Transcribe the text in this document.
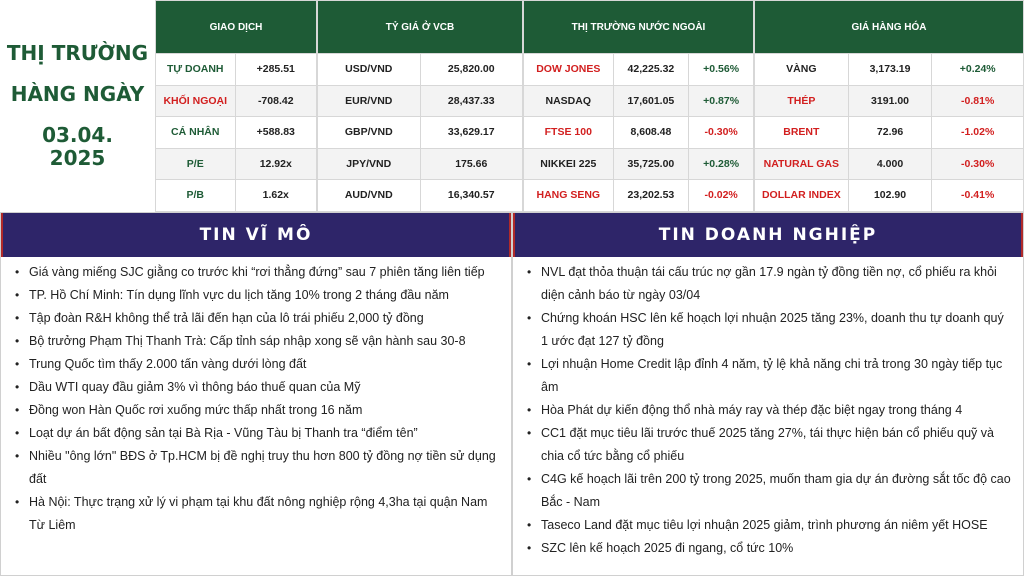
THỊ TRƯỜNG
HÀNG NGÀY
03.04.
2025
GIAO DỊCH	
TỰ DOANH	+285.51
KHỐI NGOẠI	-708.42
CÁ NHÂN	+588.83
P/E	12.92x
P/B	1.62x
TỶ GIÁ Ở VCB	
USD/VND	25,820.00
EUR/VND	28,437.33
GBP/VND	33,629.17
JPY/VND	175.66
AUD/VND	16,340.57
THỊ TRƯỜNG NƯỚC NGOÀI		
DOW JONES	42,225.32	+0.56%
NASDAQ	17,601.05	+0.87%
FTSE 100	8,608.48	-0.30%
NIKKEI 225	35,725.00	+0.28%
HANG SENG	23,202.53	-0.02%
GIÁ HÀNG HÓA		
VÀNG	3,173.19	+0.24%
THÉP	3191.00	-0.81%
BRENT	72.96	-1.02%
NATURAL GAS	4.000	-0.30%
DOLLAR INDEX	102.90	-0.41%
TIN VĨ MÔ
• Giá vàng miếng SJC giằng co trước khi “rơi thẳng đứng” sau 7 phiên tăng liên tiếp
• TP. Hồ Chí Minh: Tín dụng lĩnh vực du lịch tăng 10% trong 2 tháng đầu năm
• Tập đoàn R&H không thể trả lãi đến hạn của lô trái phiếu 2,000 tỷ đồng
• Bộ trưởng Phạm Thị Thanh Trà: Cấp tỉnh sáp nhập xong sẽ vận hành sau 30-8
• Trung Quốc tìm thấy 2.000 tấn vàng dưới lòng đất
• Dầu WTI quay đầu giảm 3% vì thông báo thuế quan của Mỹ
• Đồng won Hàn Quốc rơi xuống mức thấp nhất trong 16 năm
• Loạt dự án bất động sản tại Bà Rịa - Vũng Tàu bị Thanh tra “điểm tên”
• Nhiều "ông lớn" BĐS ở Tp.HCM bị đề nghị truy thu hơn 800 tỷ đồng nợ tiền sử dụng đất
• Hà Nội: Thực trạng xử lý vi phạm tại khu đất nông nghiệp rộng 4,3ha tại quận Nam Từ Liêm
TIN DOANH NGHIỆP
• NVL đạt thỏa thuận tái cấu trúc nợ gần 17.9 ngàn tỷ đồng tiền nợ, cổ phiếu ra khỏi diện cảnh báo từ ngày 03/04
• Chứng khoán HSC lên kế hoạch lợi nhuận 2025 tăng 23%, doanh thu tự doanh quý 1 ước đạt 127 tỷ đồng
• Lợi nhuận Home Credit lập đỉnh 4 năm, tỷ lệ khả năng chi trả trong 30 ngày tiếp tục âm
• Hòa Phát dự kiến động thổ nhà máy ray và thép đặc biệt ngay trong tháng 4
• CC1 đặt mục tiêu lãi trước thuế 2025 tăng 27%, tái thực hiện bán cổ phiếu quỹ và chia cổ tức bằng cổ phiếu
• C4G kế hoạch lãi trên 200 tỷ trong 2025, muốn tham gia dự án đường sắt tốc độ cao Bắc - Nam
• Taseco Land đặt mục tiêu lợi nhuận 2025 giảm, trình phương án niêm yết HOSE
• SZC lên kế hoạch 2025 đi ngang, cổ tức 10%
